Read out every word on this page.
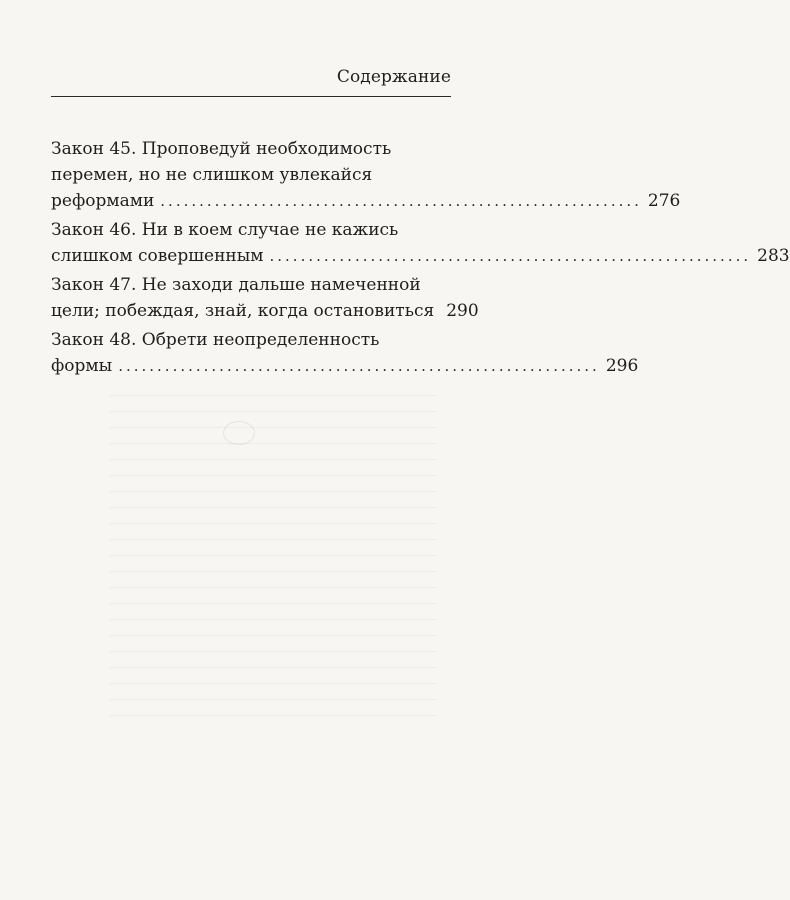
Содержание
Закон 45. Проповедуй необходимость
перемен, но не слишком увлекайся
реформами .............................................................. 276
Закон 46. Ни в коем случае не кажись
слишком совершенным .............................................................. 283
Закон 47. Не заходи дальше намеченной
цели; побеждая, знай, когда остановиться 290
Закон 48. Обрети неопределенность
формы .............................................................. 296
